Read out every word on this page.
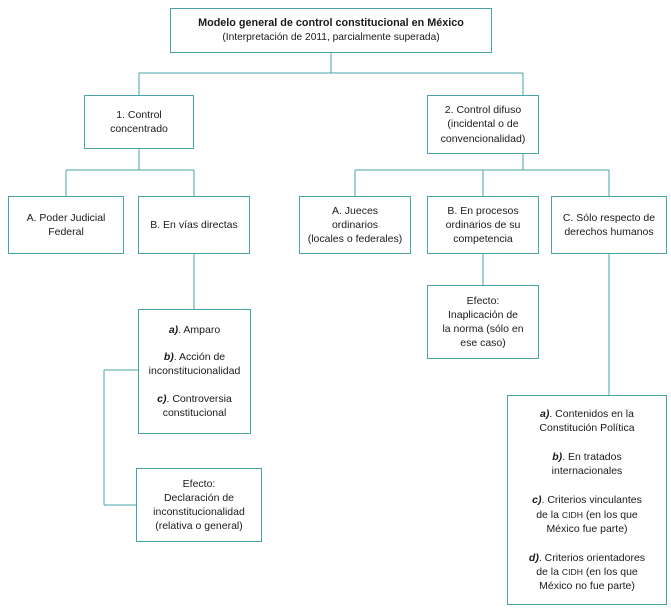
Modelo general de control constitucional en México
(Interpretación de 2011, parcialmente superada)
1. Control
concentrado
2. Control difuso
(incidental o de
convencionalidad)
A. Poder Judicial
Federal
B. En vías directas
A. Jueces
ordinarios
(locales o federales)
B. En procesos
ordinarios de su
competencia
C. Sólo respecto de
derechos humanos
a). Amparo
b). Acción de
inconstitucionalidad
c). Controversia
constitucional
Efecto:
Declaración de
inconstitucionalidad
(relativa o general)
Efecto:
Inaplicación de
la norma (sólo en
ese caso)
a). Contenidos en la
Constitución Política
b). En tratados
internacionales
c). Criterios vinculantes
de la CIDH (en los que
México fue parte)
d). Criterios orientadores
de la CIDH (en los que
México no fue parte)
